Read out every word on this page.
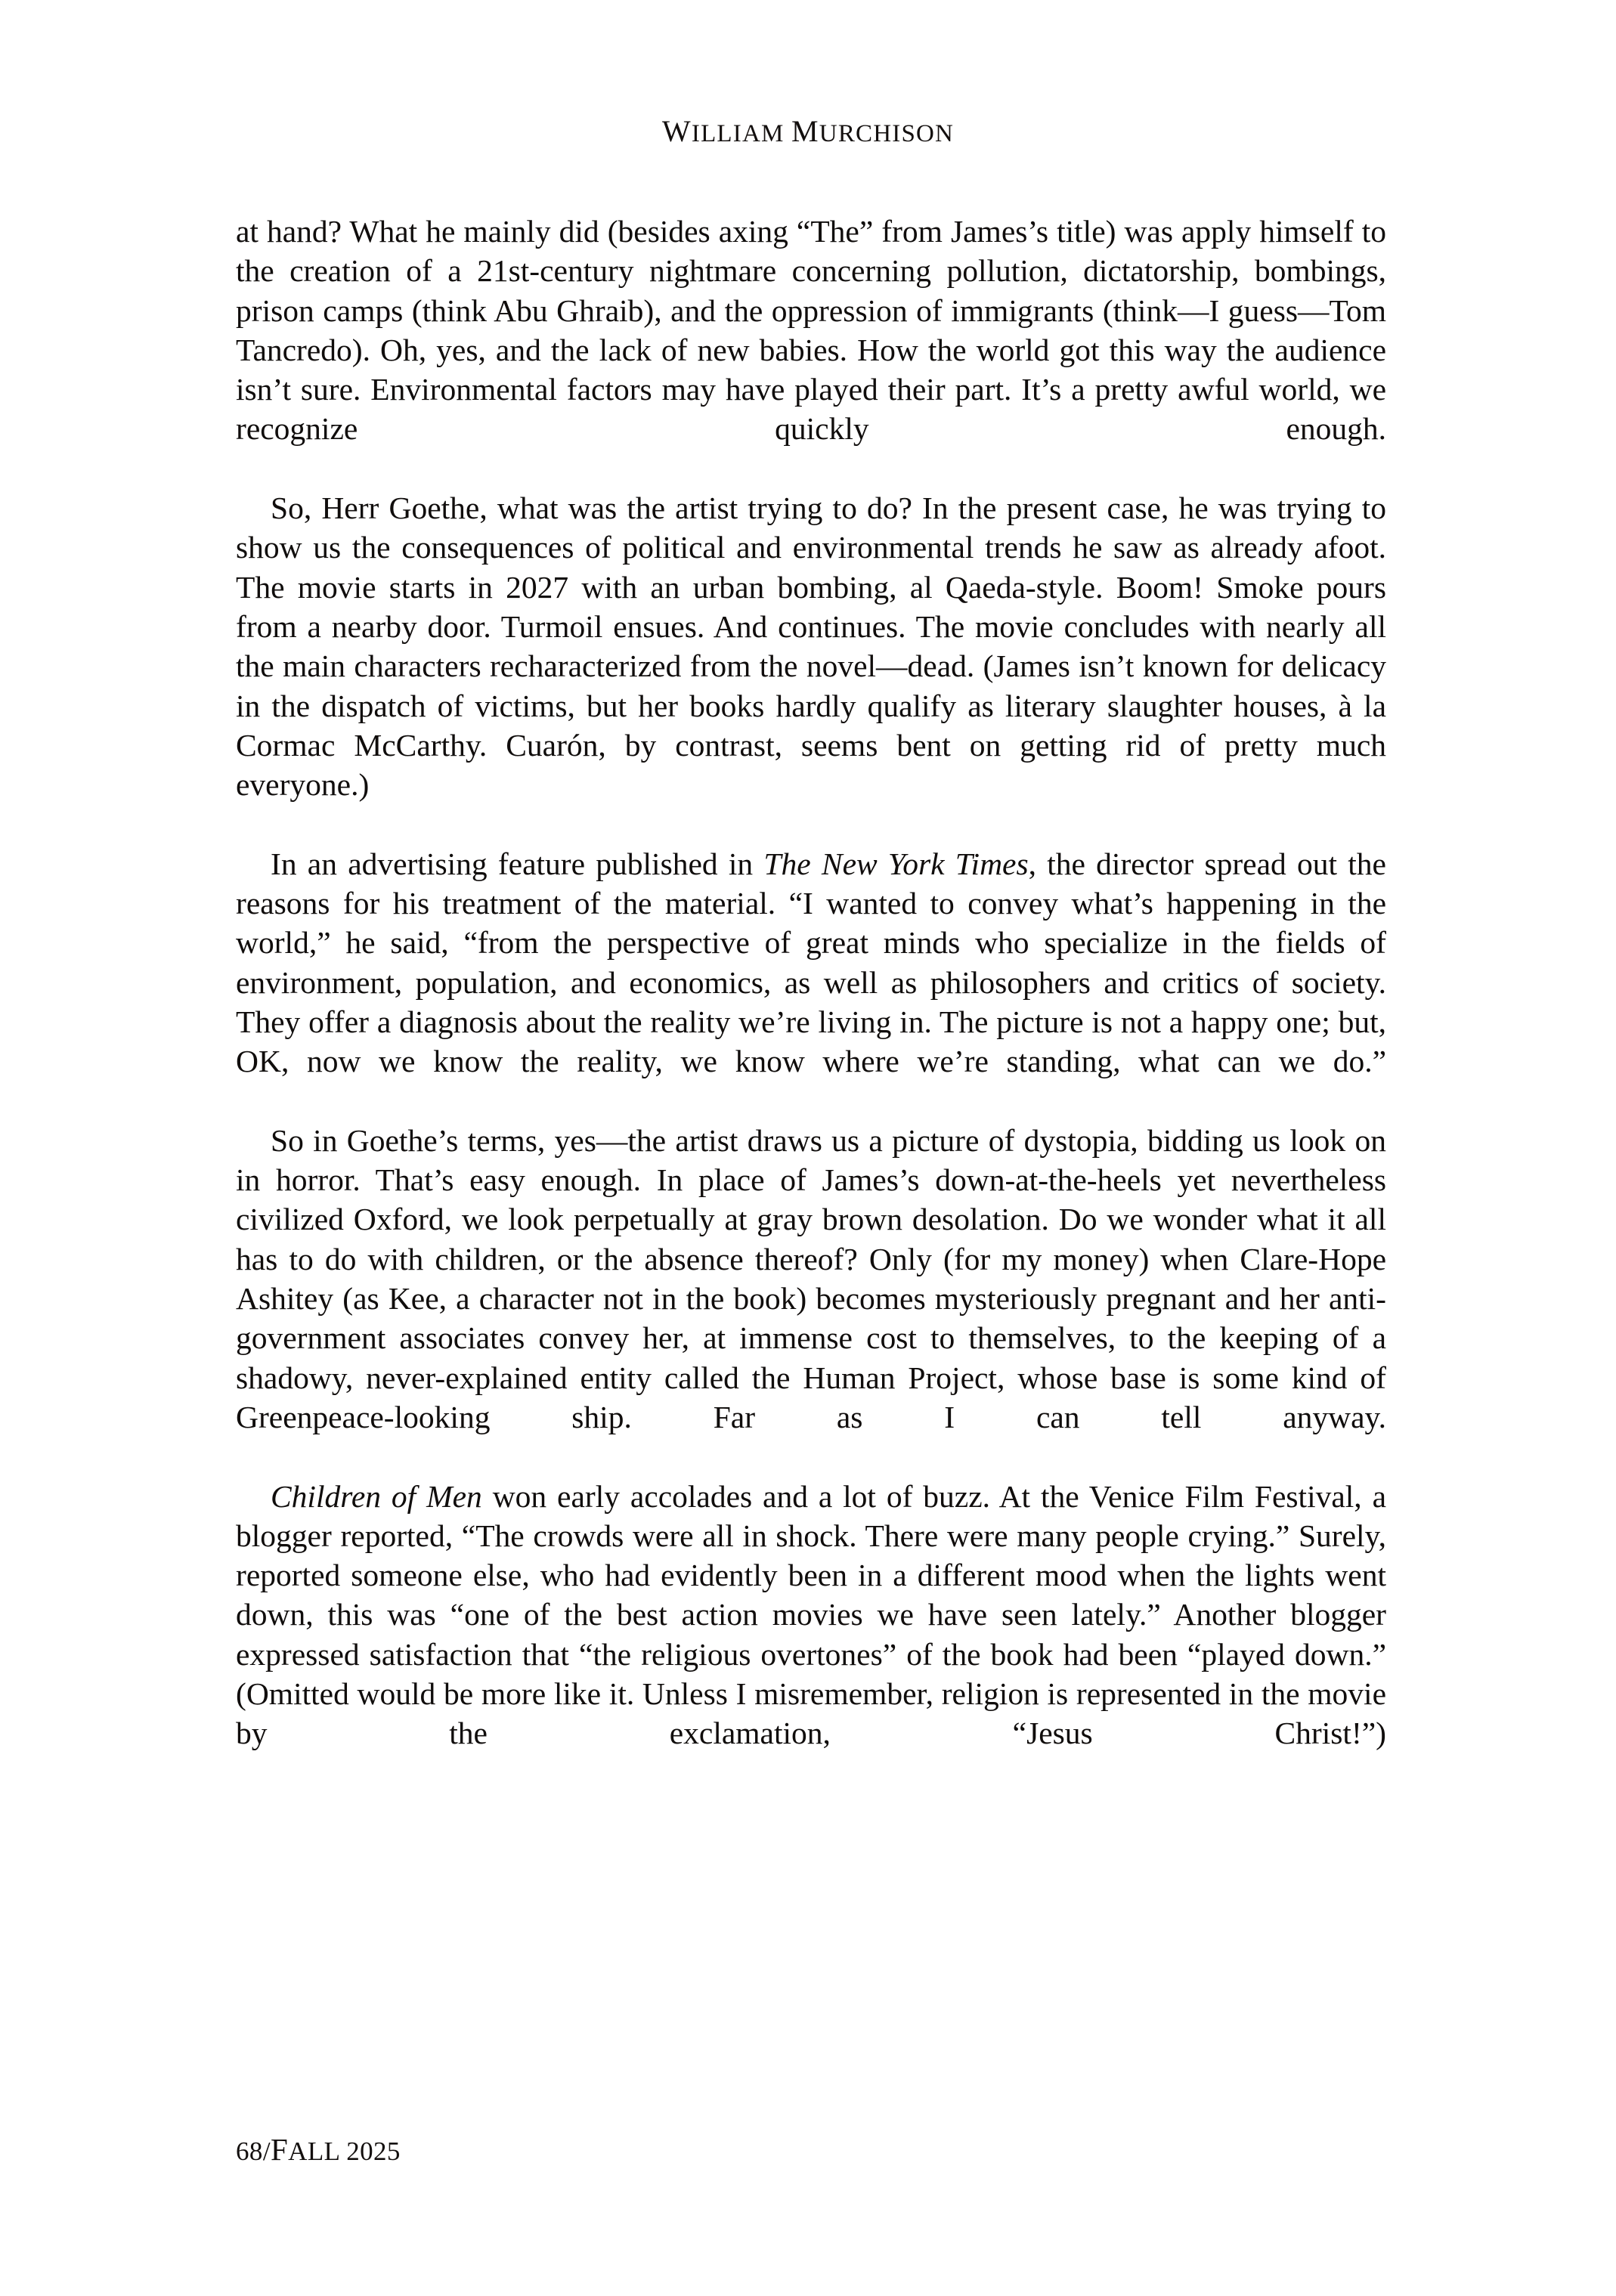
WILLIAM MURCHISON

at hand? What he mainly did (besides axing “The” from James’s title) was apply himself to the creation of a 21st-century nightmare concerning pollution, dictatorship, bombings, prison camps (think Abu Ghraib), and the oppression of immigrants (think—I guess—Tom Tancredo). Oh, yes, and the lack of new babies. How the world got this way the audience isn’t sure. Environmental factors may have played their part. It’s a pretty awful world, we recognize quickly enough.

So, Herr Goethe, what was the artist trying to do? In the present case, he was trying to show us the consequences of political and environmental trends he saw as already afoot. The movie starts in 2027 with an urban bombing, al Qaeda-style. Boom! Smoke pours from a nearby door. Turmoil ensues. And continues. The movie concludes with nearly all the main characters recharacterized from the novel—dead. (James isn’t known for delicacy in the dispatch of victims, but her books hardly qualify as literary slaughter houses, à la Cormac McCarthy. Cuarón, by contrast, seems bent on getting rid of pretty much everyone.)

In an advertising feature published in The New York Times, the director spread out the reasons for his treatment of the material. “I wanted to convey what’s happening in the world,” he said, “from the perspective of great minds who specialize in the fields of environment, population, and economics, as well as philosophers and critics of society. They offer a diagnosis about the reality we’re living in. The picture is not a happy one; but, OK, now we know the reality, we know where we’re standing, what can we do.”

So in Goethe’s terms, yes—the artist draws us a picture of dystopia, bidding us look on in horror. That’s easy enough. In place of James’s down-at-the-heels yet nevertheless civilized Oxford, we look perpetually at gray brown desolation. Do we wonder what it all has to do with children, or the absence thereof? Only (for my money) when Clare-Hope Ashitey (as Kee, a character not in the book) becomes mysteriously pregnant and her anti-government associates convey her, at immense cost to themselves, to the keeping of a shadowy, never-explained entity called the Human Project, whose base is some kind of Greenpeace-looking ship. Far as I can tell anyway.

Children of Men won early accolades and a lot of buzz. At the Venice Film Festival, a blogger reported, “The crowds were all in shock. There were many people crying.” Surely, reported someone else, who had evidently been in a different mood when the lights went down, this was “one of the best action movies we have seen lately.” Another blogger expressed satisfaction that “the religious overtones” of the book had been “played down.” (Omitted would be more like it. Unless I misremember, religion is represented in the movie by the exclamation, “Jesus Christ!”)

68/FALL 2025
